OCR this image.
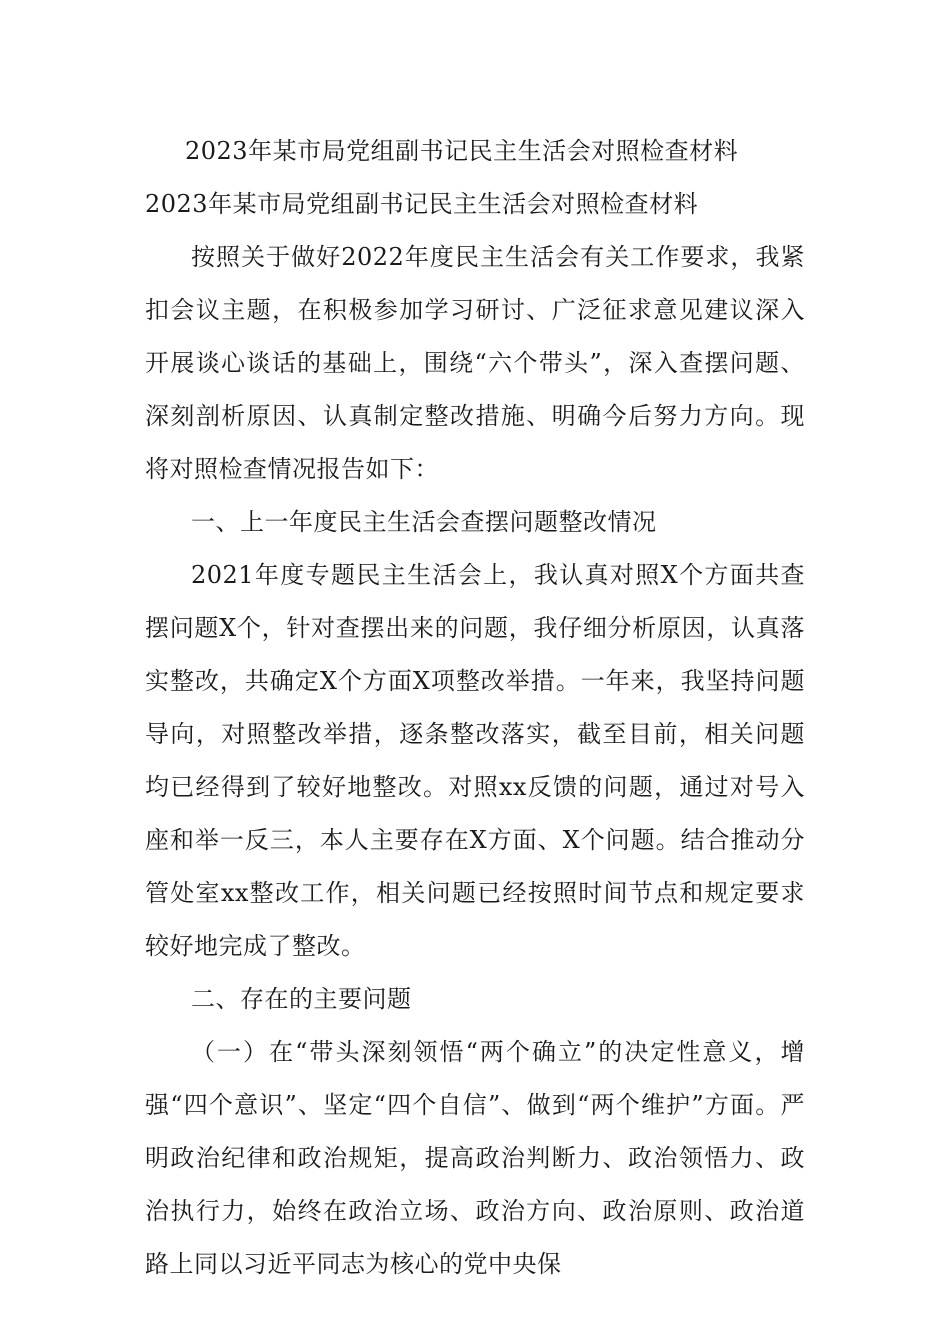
2023年某市局党组副书记民主生活会对照检查材料

2023年某市局党组副书记民主生活会对照检查材料

按照关于做好2022年度民主生活会有关工作要求，我紧扣会议主题，在积极参加学习研讨、广泛征求意见建议深入开展谈心谈话的基础上，围绕“六个带头”，深入查摆问题、深刻剖析原因、认真制定整改措施、明确今后努力方向。现将对照检查情况报告如下：

一、上一年度民主生活会查摆问题整改情况

2021年度专题民主生活会上，我认真对照X个方面共查摆问题X个，针对查摆出来的问题，我仔细分析原因，认真落实整改，共确定X个方面X项整改举措。一年来，我坚持问题导向，对照整改举措，逐条整改落实，截至目前，相关问题均已经得到了较好地整改。对照xx反馈的问题，通过对号入座和举一反三，本人主要存在X方面、X个问题。结合推动分管处室xx整改工作，相关问题已经按照时间节点和规定要求较好地完成了整改。

二、存在的主要问题

（一）在“带头深刻领悟“两个确立”的决定性意义，增强“四个意识”、坚定“四个自信”、做到“两个维护”方面。严明政治纪律和政治规矩，提高政治判断力、政治领悟力、政治执行力，始终在政治立场、政治方向、政治原则、政治道路上同以习近平同志为核心的党中央保
